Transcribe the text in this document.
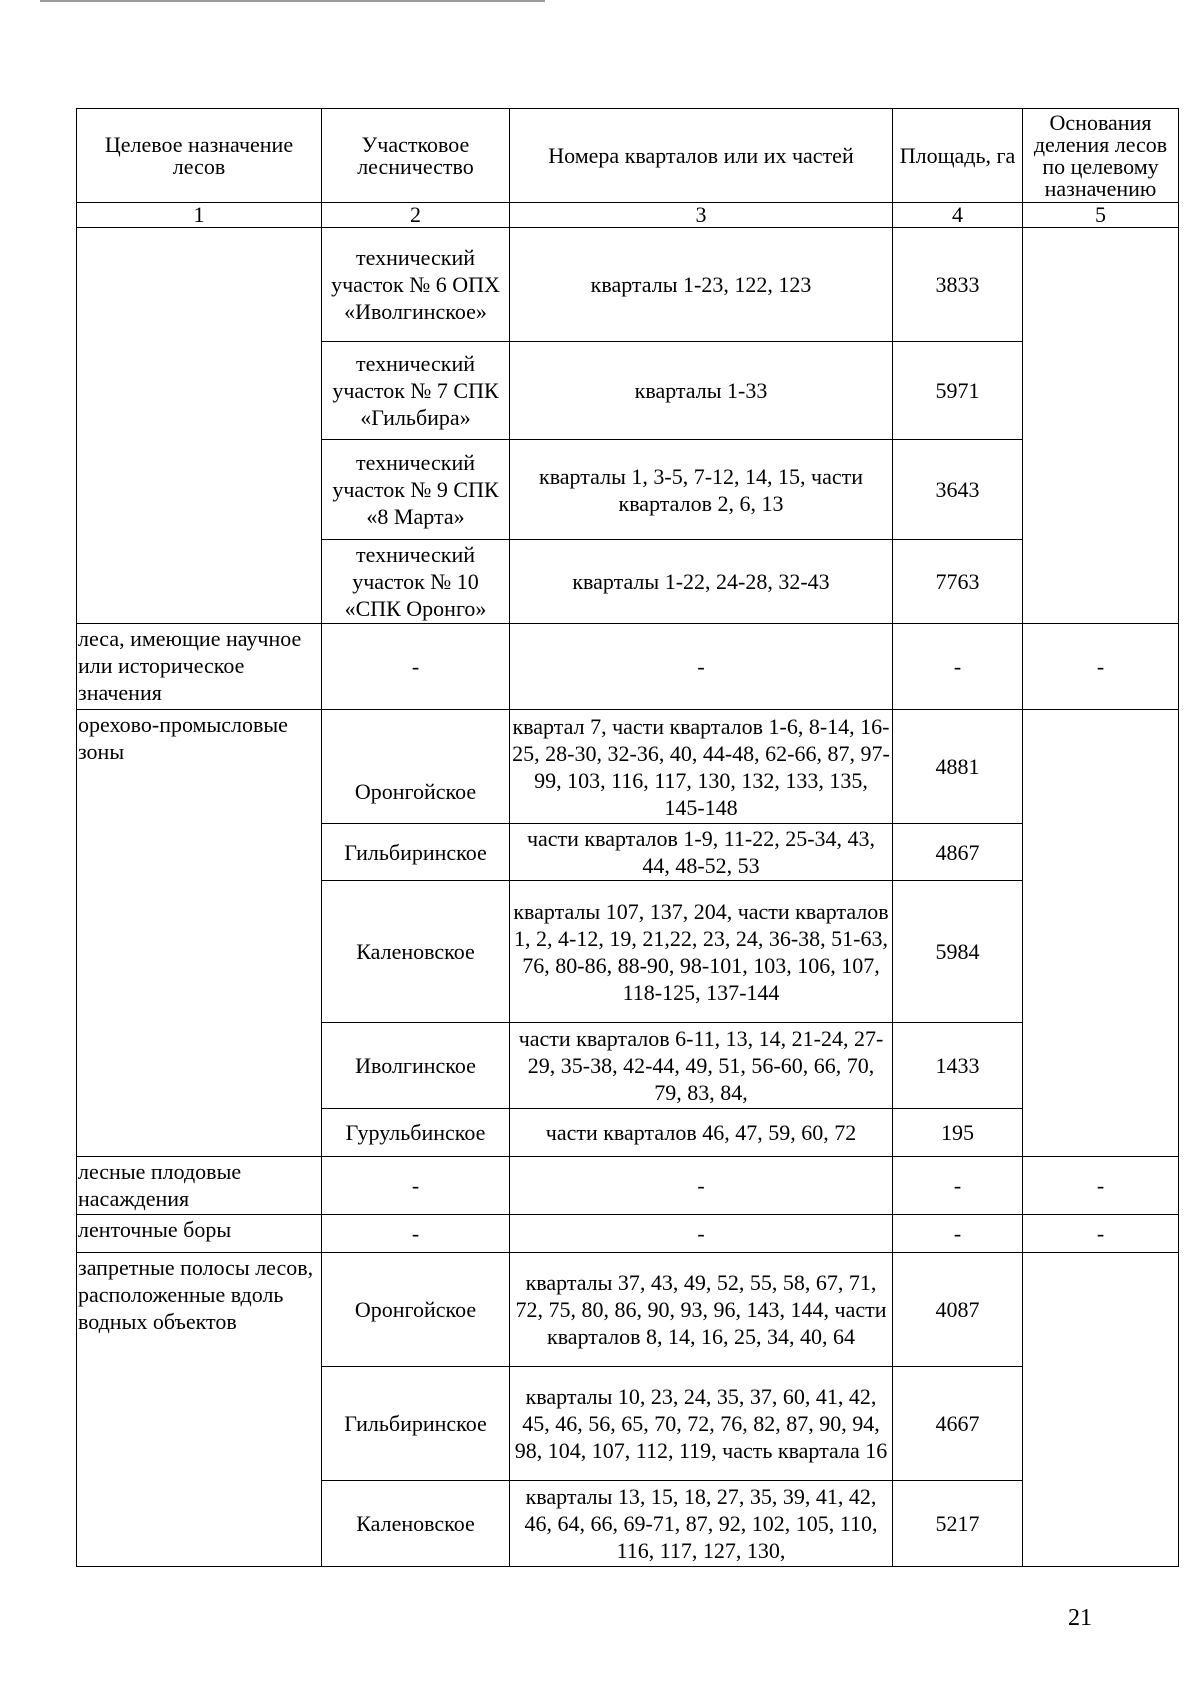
Целевое назначение лесов	Участковое лесничество	Номера кварталов или их частей	Площадь, га	Основания деления лесов по целевому назначению
1	2	3	4	5
	технический участок № 6 ОПХ «Иволгинское»	кварталы 1-23, 122, 123	3833	
	технический участок № 7 СПК «Гильбира»	кварталы 1-33	5971	
	технический участок № 9 СПК «8 Марта»	кварталы 1, 3-5, 7-12, 14, 15, части кварталов 2, 6, 13	3643	
	технический участок № 10 «СПК Оронго»	кварталы 1-22, 24-28, 32-43	7763	
леса, имеющие научное или историческое значения	-	-	-	-
орехово-промысловые зоны	Оронгойское	квартал 7, части кварталов 1-6, 8-14, 16-25, 28-30, 32-36, 40, 44-48, 62-66, 87, 97-99, 103, 116, 117, 130, 132, 133, 135, 145-148	4881	
	Гильбиринское	части кварталов 1-9, 11-22, 25-34, 43, 44, 48-52, 53	4867	
	Каленовское	кварталы 107, 137, 204, части кварталов 1, 2, 4-12, 19, 21,22, 23, 24, 36-38, 51-63, 76, 80-86, 88-90, 98-101, 103, 106, 107, 118-125, 137-144	5984	
	Иволгинское	части кварталов 6-11, 13, 14, 21-24, 27-29, 35-38, 42-44, 49, 51, 56-60, 66, 70, 79, 83, 84,	1433	
	Гурульбинское	части кварталов 46, 47, 59, 60, 72	195	
лесные плодовые насаждения	-	-	-	-
ленточные боры	-	-	-	-
запретные полосы лесов, расположенные вдоль водных объектов	Оронгойское	кварталы 37, 43, 49, 52, 55, 58, 67, 71, 72, 75, 80, 86, 90, 93, 96, 143, 144, части кварталов 8, 14, 16, 25, 34, 40, 64	4087	
	Гильбиринское	кварталы 10, 23, 24, 35, 37, 60, 41, 42, 45, 46, 56, 65, 70, 72, 76, 82, 87, 90, 94, 98, 104, 107, 112, 119, часть квартала 16	4667	
	Каленовское	кварталы 13, 15, 18, 27, 35, 39, 41, 42, 46, 64, 66, 69-71, 87, 92, 102, 105, 110, 116, 117, 127, 130,	5217	
21
